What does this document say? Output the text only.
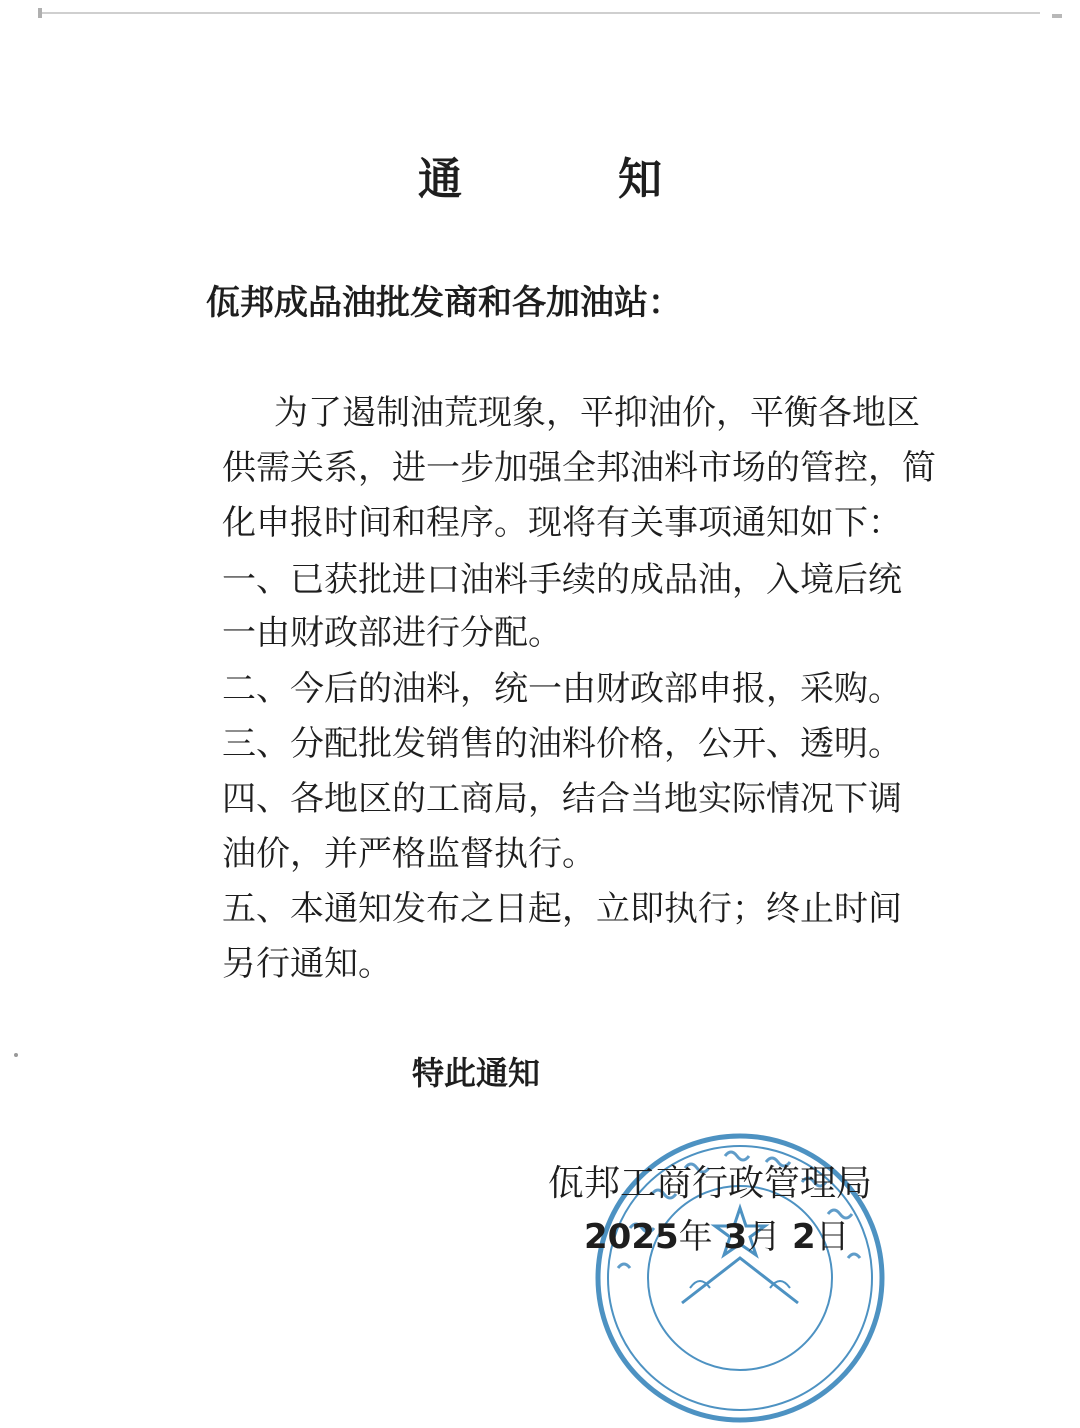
通　知
佤邦成品油批发商和各加油站：
为了遏制油荒现象，平抑油价，平衡各地区
供需关系，进一步加强全邦油料市场的管控，简
化申报时间和程序。现将有关事项通知如下：
一、已获批进口油料手续的成品油，入境后统
一由财政部进行分配。
二、今后的油料，统一由财政部申报，采购。
三、分配批发销售的油料价格，公开、透明。
四、各地区的工商局，结合当地实际情况下调
油价，并严格监督执行。
五、本通知发布之日起，立即执行；终止时间
另行通知。
特此通知
佤邦工商行政管理局
2025年 3月 2日
